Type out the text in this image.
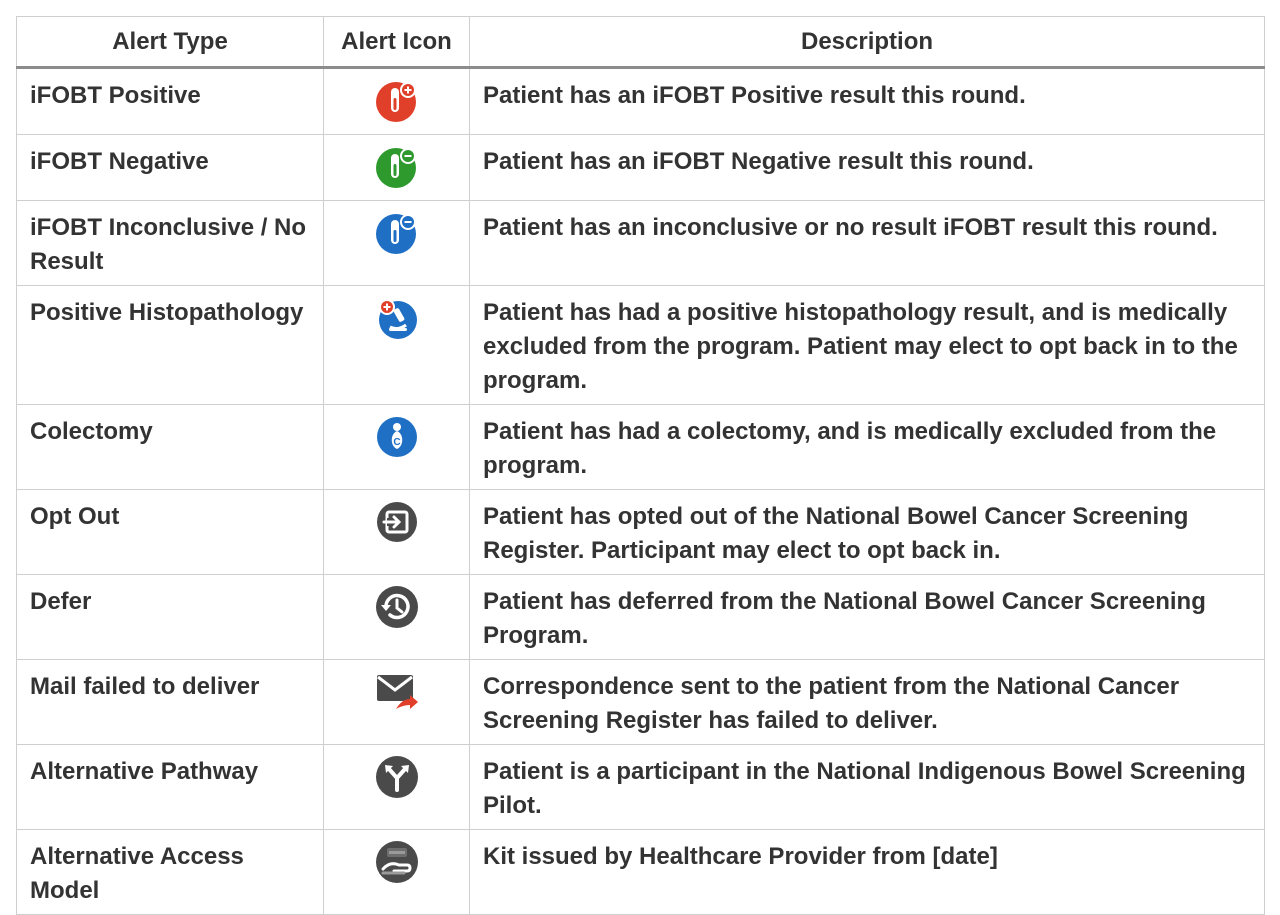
Alert Type	Alert Icon	Description
iFOBT Positive		Patient has an iFOBT Positive result this round.
iFOBT Negative		Patient has an iFOBT Negative result this round.
iFOBT Inconclusive / No Result		Patient has an inconclusive or no result iFOBT result this round.
Positive Histopathology		Patient has had a positive histopathology result, and is medically excluded from the program. Patient may elect to opt back in to the program.
Colectomy	C	Patient has had a colectomy, and is medically excluded from the program.
Opt Out		Patient has opted out of the National Bowel Cancer Screening Register. Participant may elect to opt back in.
Defer		Patient has deferred from the National Bowel Cancer Screening Program.
Mail failed to deliver		Correspondence sent to the patient from the National Cancer Screening Register has failed to deliver.
Alternative Pathway		Patient is a participant in the National Indigenous Bowel Screening Pilot.
Alternative Access Model		Kit issued by Healthcare Provider from [date]
